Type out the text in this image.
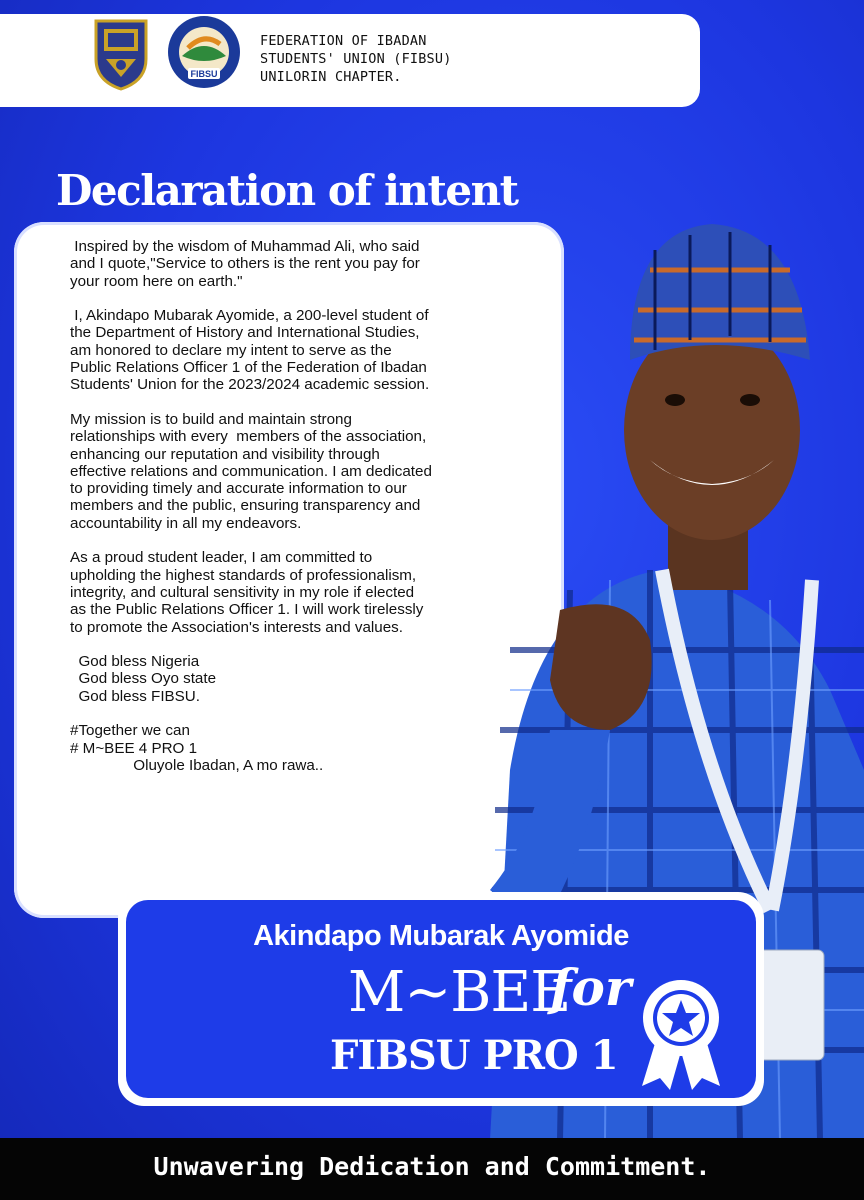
FIBSU
FEDERATION OF IBADAN
STUDENTS' UNION (FIBSU)
UNILORIN CHAPTER.
Declaration of intent

Inspired by the wisdom of Muhammad Ali, who said
and I quote,"Service to others is the rent you pay for
your room here on earth."

I, Akindapo Mubarak Ayomide, a 200-level student of
the Department of History and International Studies,
am honored to declare my intent to serve as the
Public Relations Officer 1 of the Federation of Ibadan
Students' Union for the 2023/2024 academic session.

My mission is to build and maintain strong
relationships with every  members of the association,
enhancing our reputation and visibility through
effective relations and communication. I am dedicated
to providing timely and accurate information to our
members and the public, ensuring transparency and
accountability in all my endeavors.

As a proud student leader, I am committed to
upholding the highest standards of professionalism,
integrity, and cultural sensitivity in my role if elected
as the Public Relations Officer 1. I will work tirelessly
to promote the Association's interests and values.

God bless Nigeria
God bless Oyo state
God bless FIBSU.

#Together we can
# M~BEE 4 PRO 1
Oluyole Ibadan, A mo rawa..

Akindapo Mubarak Ayomide
M~BEE
for
FIBSU PRO 1
Unwavering Dedication and Commitment.
